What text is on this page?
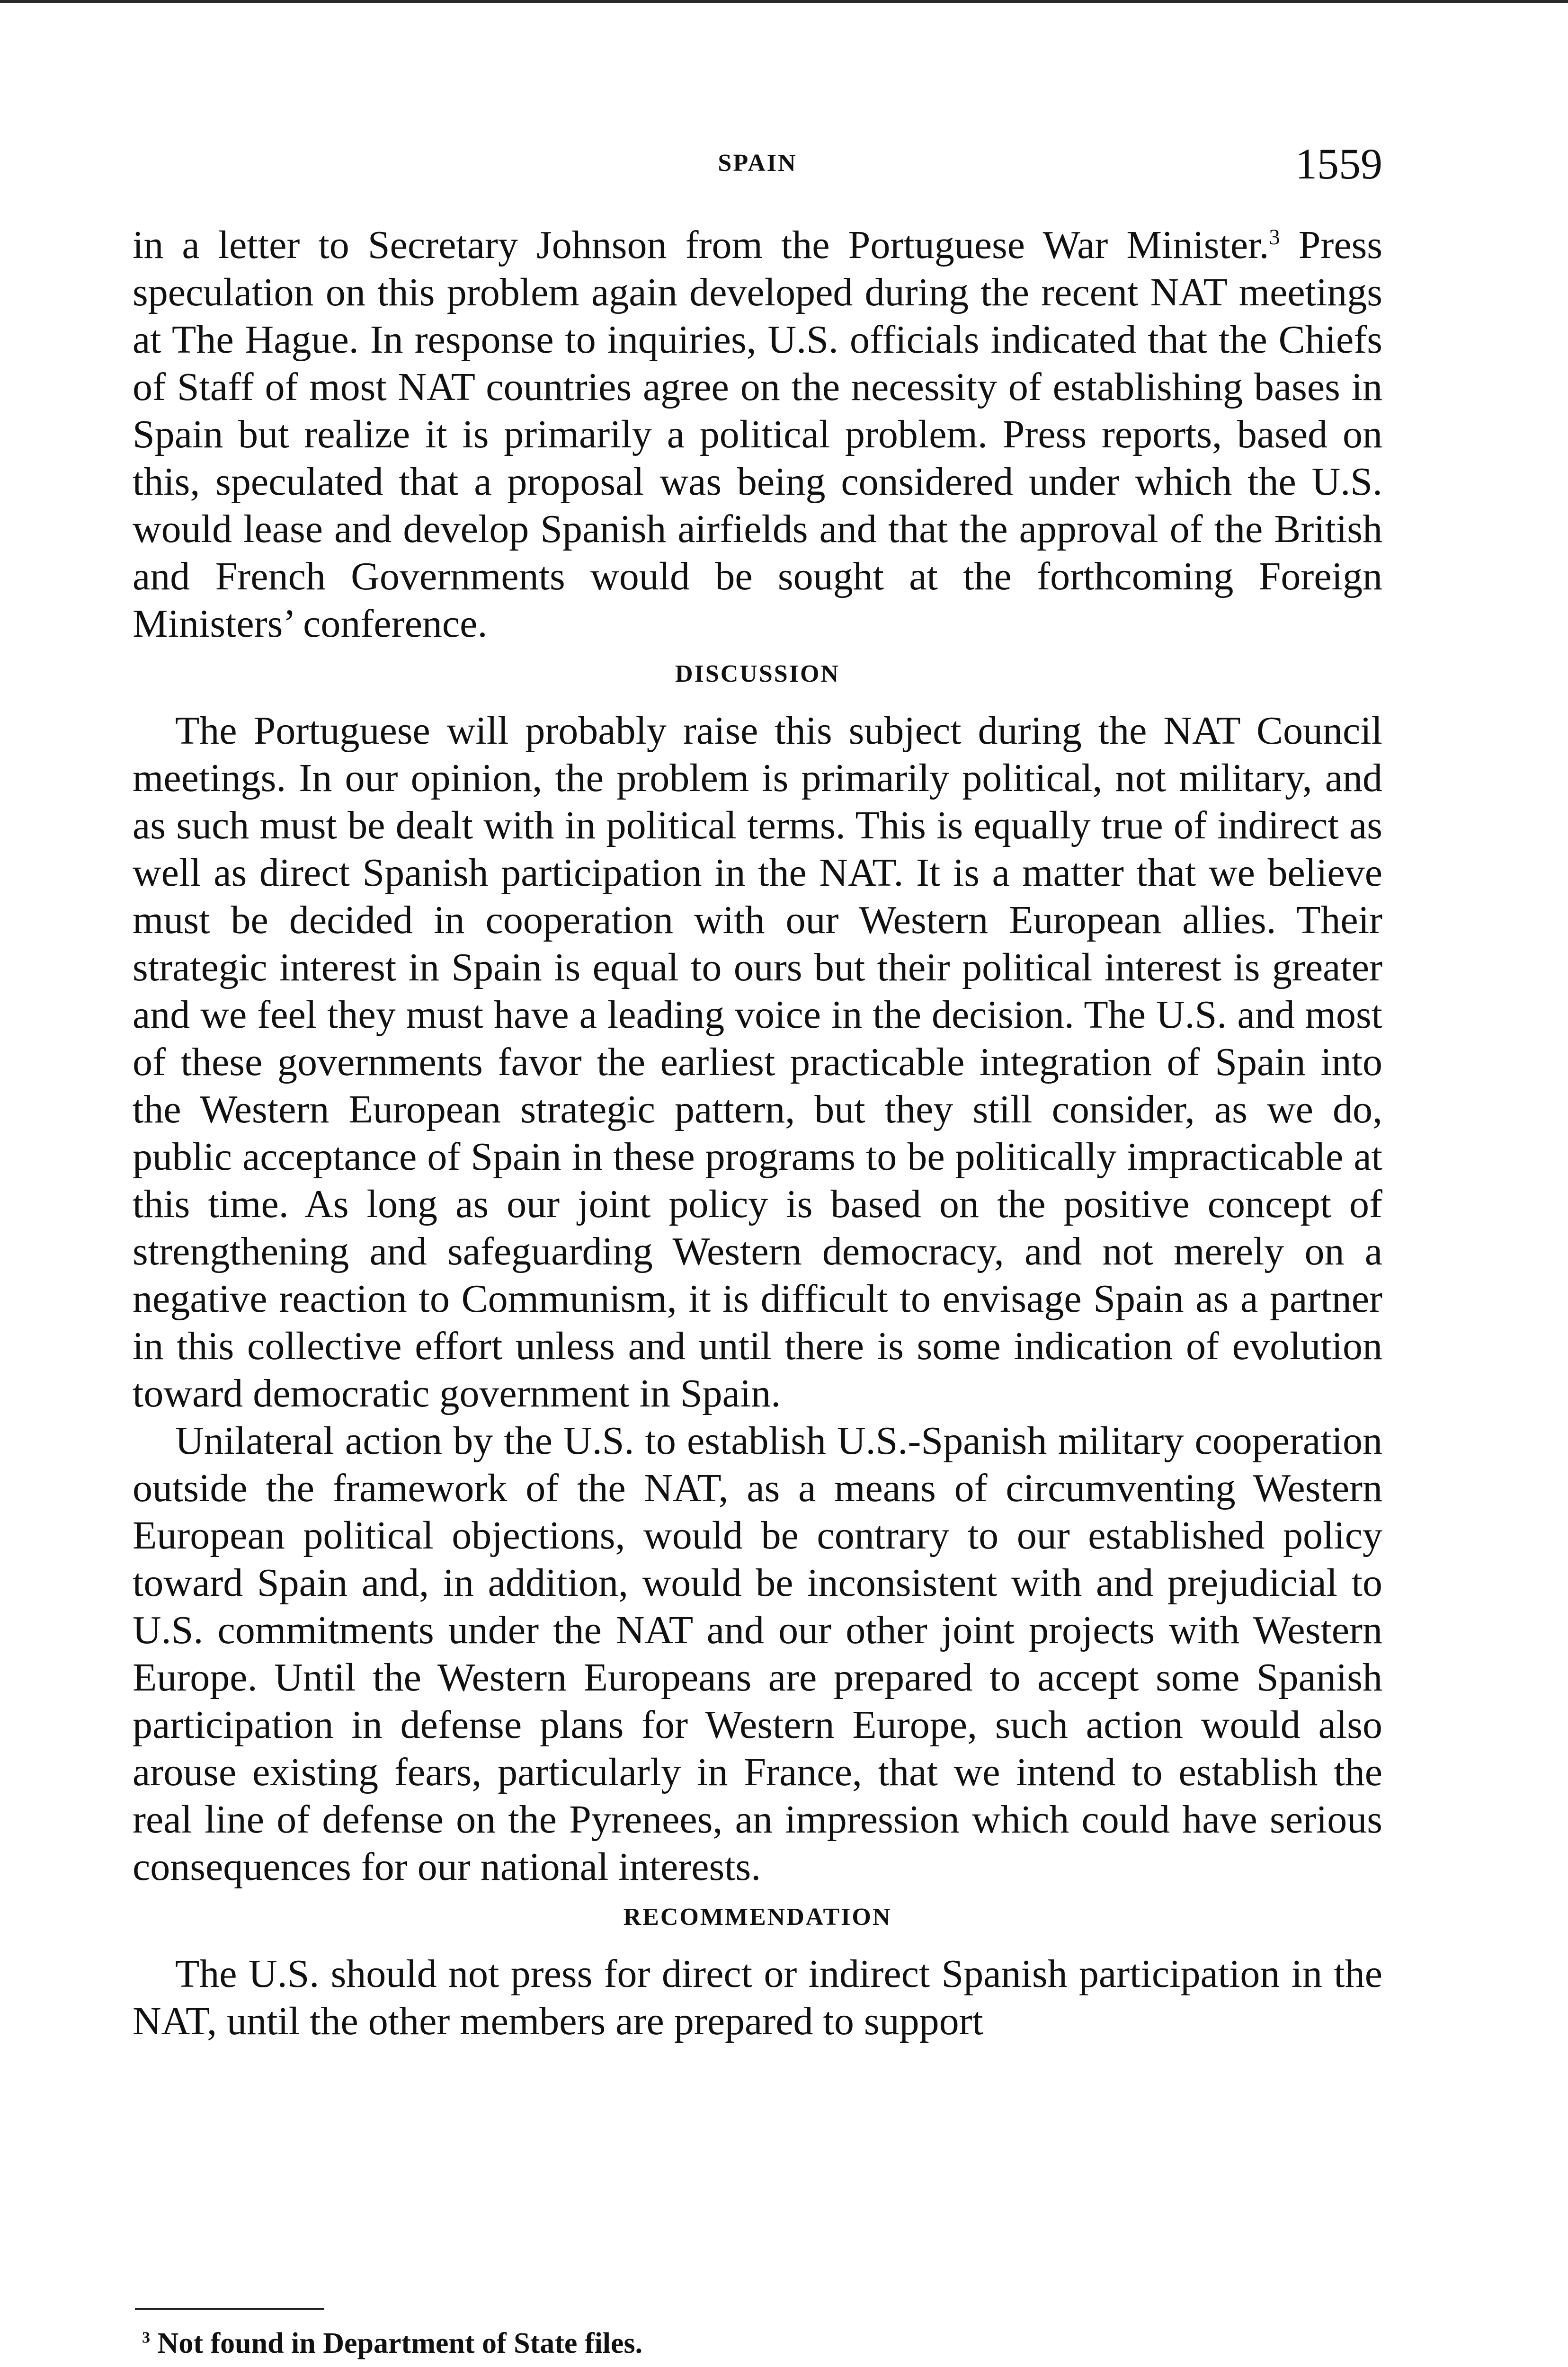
SPAIN	1559

in a letter to Secretary Johnson from the Portuguese War Minister.$^3$ Press speculation on this problem again developed during the recent NAT meetings at The Hague. In response to inquiries, U.S. officials indicated that the Chiefs of Staff of most NAT countries agree on the necessity of establishing bases in Spain but realize it is primarily a political problem. Press reports, based on this, speculated that a proposal was being considered under which the U.S. would lease and develop Spanish airfields and that the approval of the British and French Governments would be sought at the forthcoming Foreign Ministers’ conference.

DISCUSSION

The Portuguese will probably raise this subject during the NAT Council meetings. In our opinion, the problem is primarily political, not military, and as such must be dealt with in political terms. This is equally true of indirect as well as direct Spanish participation in the NAT. It is a matter that we believe must be decided in cooperation with our Western European allies. Their strategic interest in Spain is equal to ours but their political interest is greater and we feel they must have a leading voice in the decision. The U.S. and most of these governments favor the earliest practicable integration of Spain into the Western European strategic pattern, but they still consider, as we do, public acceptance of Spain in these programs to be politically impracticable at this time. As long as our joint policy is based on the positive concept of strengthening and safeguarding Western democracy, and not merely on a negative reaction to Communism, it is difficult to envisage Spain as a partner in this collective effort unless and until there is some indication of evolution toward democratic government in Spain.

Unilateral action by the U.S. to establish U.S.-Spanish military cooperation outside the framework of the NAT, as a means of circumventing Western European political objections, would be contrary to our established policy toward Spain and, in addition, would be inconsistent with and prejudicial to U.S. commitments under the NAT and our other joint projects with Western Europe. Until the Western Europeans are prepared to accept some Spanish participation in defense plans for Western Europe, such action would also arouse existing fears, particularly in France, that we intend to establish the real line of defense on the Pyrenees, an impression which could have serious consequences for our national interests.

RECOMMENDATION

The U.S. should not press for direct or indirect Spanish participation in the NAT, until the other members are prepared to support

$^3$ Not found in Department of State files.
